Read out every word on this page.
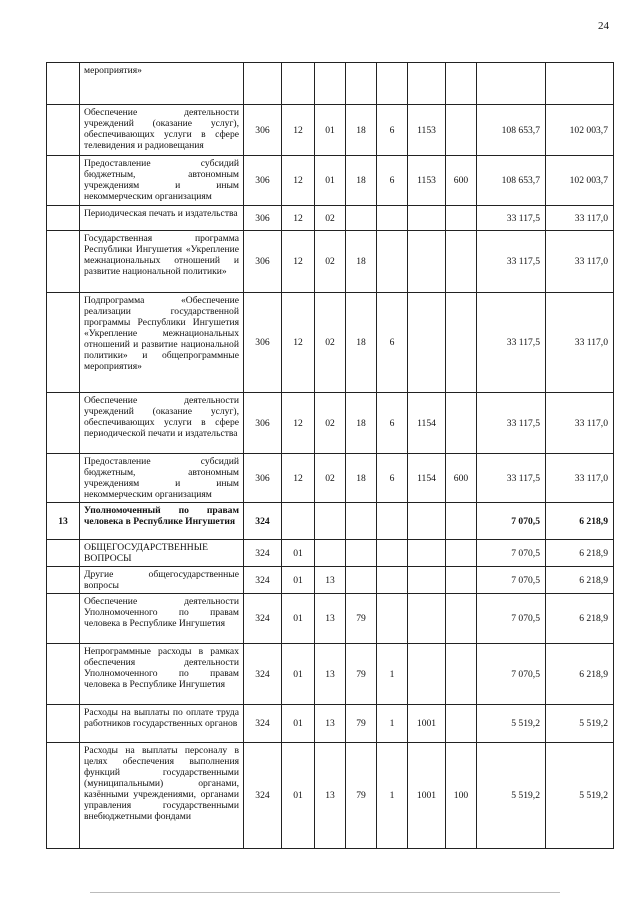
24
	мероприятия»									
	Обеспечение деятельности учреждений (оказание услуг), обеспечивающих услуги в сфере телевидения и радиовещания	306	12	01	18	6	1153		108 653,7	102 003,7
	Предоставление субсидий бюджетным, автономным учреждениям и иным некоммерческим организациям	306	12	01	18	6	1153	600	108 653,7	102 003,7
	Периодическая печать и издательства	306	12	02					33 117,5	33 117,0
	Государственная программа Республики Ингушетия «Укрепление межнациональных отношений и развитие национальной политики»	306	12	02	18				33 117,5	33 117,0
	Подпрограмма «Обеспечение реализации государственной программы Республики Ингушетия «Укрепление межнациональных отношений и развитие национальной политики» и общепрограммные мероприятия»	306	12	02	18	6			33 117,5	33 117,0
	Обеспечение деятельности учреждений (оказание услуг), обеспечивающих услуги в сфере периодической печати и издательства	306	12	02	18	6	1154		33 117,5	33 117,0
	Предоставление субсидий бюджетным, автономным учреждениям и иным некоммерческим организациям	306	12	02	18	6	1154	600	33 117,5	33 117,0
13	Уполномоченный по правам человека в Республике Ингушетия	324							7 070,5	6 218,9
	ОБЩЕГОСУДАРСТВЕННЫЕ ВОПРОСЫ	324	01						7 070,5	6 218,9
	Другие общегосударственные вопросы	324	01	13					7 070,5	6 218,9
	Обеспечение деятельности Уполномоченного по правам человека в Республике Ингушетия	324	01	13	79				7 070,5	6 218,9
	Непрограммные расходы в рамках обеспечения деятельности Уполномоченного по правам человека в Республике Ингушетия	324	01	13	79	1			7 070,5	6 218,9
	Расходы на выплаты по оплате труда работников государственных органов	324	01	13	79	1	1001		5 519,2	5 519,2
	Расходы на выплаты персоналу в целях обеспечения выполнения функций государственными (муниципальными) органами, казёнными учреждениями, органами управления государственными внебюджетными фондами	324	01	13	79	1	1001	100	5 519,2	5 519,2
